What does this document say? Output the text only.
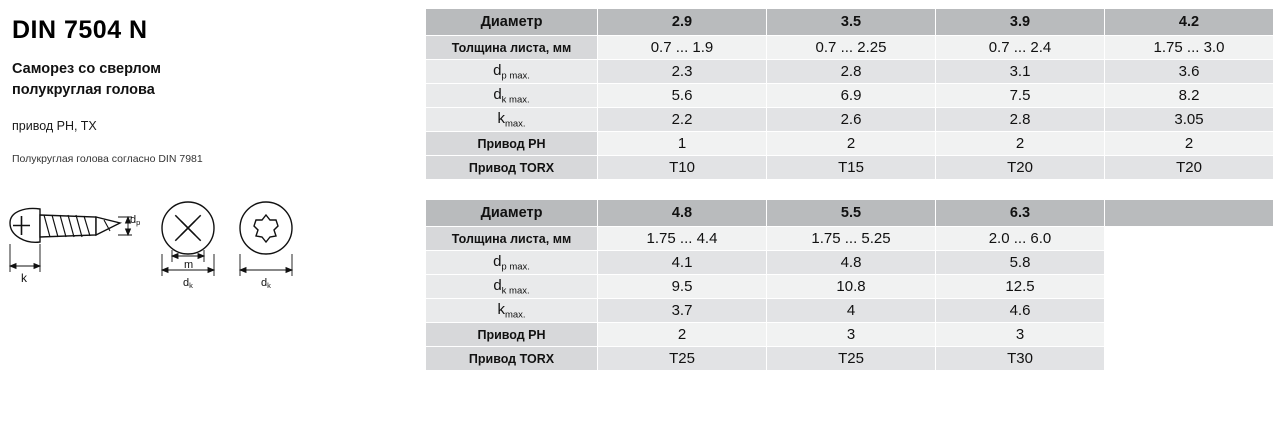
DIN 7504 N
Саморез со сверлом
полукруглая голова
привод PH, TX
Полукруглая голова согласно DIN 7981
k
dp
m
dk	dk
Диаметр	2.9	3.5	3.9	4.2
Толщина листа, мм	0.7 ... 1.9	0.7 ... 2.25	0.7 ... 2.4	1.75 ... 3.0
$d_{p max.}$	2.3	2.8	3.1	3.6
$d_{k max.}$	5.6	6.9	7.5	8.2
$k_{max.}$	2.2	2.6	2.8	3.05
Привод PH	1	2	2	2
Привод TORX	T10	T15	T20	T20
Диаметр	4.8	5.5	6.3	
Толщина листа, мм	1.75 ... 4.4	1.75 ... 5.25	2.0 ... 6.0	
$d_{p max.}$	4.1	4.8	5.8	
$d_{k max.}$	9.5	10.8	12.5	
$k_{max.}$	3.7	4	4.6	
Привод PH	2	3	3	
Привод TORX	T25	T25	T30	
